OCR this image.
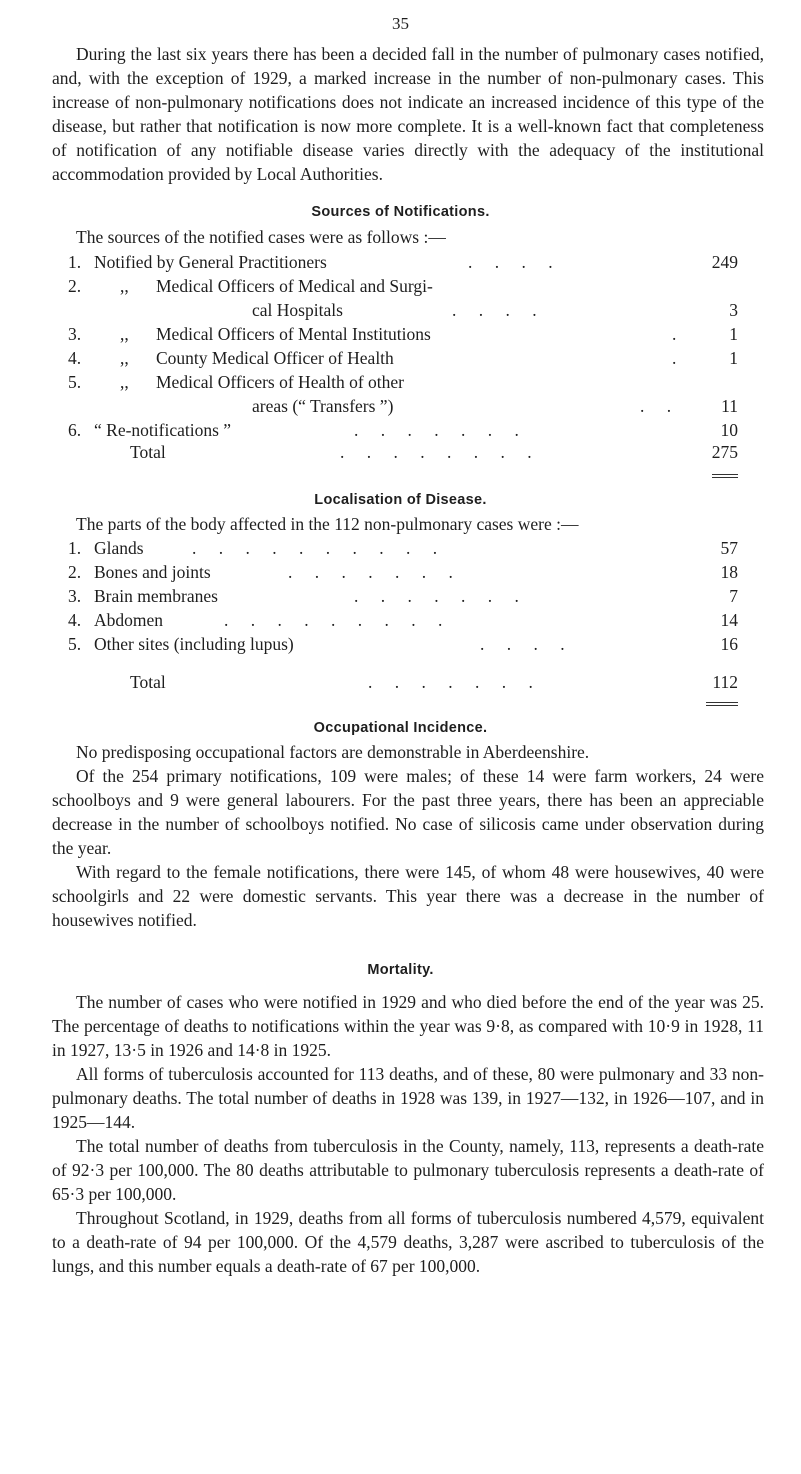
35

During the last six years there has been a decided fall in the number of pulmonary cases notified, and, with the exception of 1929, a marked increase in the number of non-pulmonary cases. This increase of non-pulmonary notifications does not indicate an increased incidence of this type of the disease, but rather that notification is now more complete. It is a well-known fact that completeness of notification of any notifiable disease varies directly with the adequacy of the institutional accommodation provided by Local Authorities.

Sources of Notifications.

The sources of the notified cases were as follows :—

1. Notified by General Practitioners	. . . .	249
2.	,,	Medical Officers of Medical and Surgi-
cal Hospitals	. . . .	3
3.	,,	Medical Officers of Mental Institutions	.	1
4.	,,	County Medical Officer of Health	.	1
5.	,,	Medical Officers of Health of other
areas (“ Transfers ”)	. . 11
6. “ Re-notifications ”	. . . . . . .	10
Total	. . . . . . . .	275
Localisation of Disease.

The parts of the body affected in the 112 non-pulmonary cases were :—

1. Glands	. . . . . . . . . .	57
2. Bones and joints	. . . . . . .	18
3. Brain membranes	. . . . . . .	7
4. Abdomen	. . . . . . . . .	14
5. Other sites (including lupus)	. . . .	16
Total	. . . . . . .	112
Occupational Incidence.

No predisposing occupational factors are demonstrable in Aberdeenshire.

Of the 254 primary notifications, 109 were males; of these 14 were farm workers, 24 were schoolboys and 9 were general labourers. For the past three years, there has been an appreciable decrease in the number of schoolboys notified. No case of silicosis came under observation during the year.

With regard to the female notifications, there were 145, of whom 48 were housewives, 40 were schoolgirls and 22 were domestic servants. This year there was a decrease in the number of housewives notified.

Mortality.

The number of cases who were notified in 1929 and who died before the end of the year was 25. The percentage of deaths to notifications within the year was 9·8, as compared with 10·9 in 1928, 11 in 1927, 13·5 in 1926 and 14·8 in 1925.

All forms of tuberculosis accounted for 113 deaths, and of these, 80 were pulmonary and 33 non-pulmonary deaths. The total number of deaths in 1928 was 139, in 1927—132, in 1926—107, and in 1925—144.

The total number of deaths from tuberculosis in the County, namely, 113, represents a death-rate of 92·3 per 100,000. The 80 deaths attributable to pulmonary tuberculosis represents a death-rate of 65·3 per 100,000.

Throughout Scotland, in 1929, deaths from all forms of tuberculosis numbered 4,579, equivalent to a death-rate of 94 per 100,000. Of the 4,579 deaths, 3,287 were ascribed to tuberculosis of the lungs, and this number equals a death-rate of 67 per 100,000.
